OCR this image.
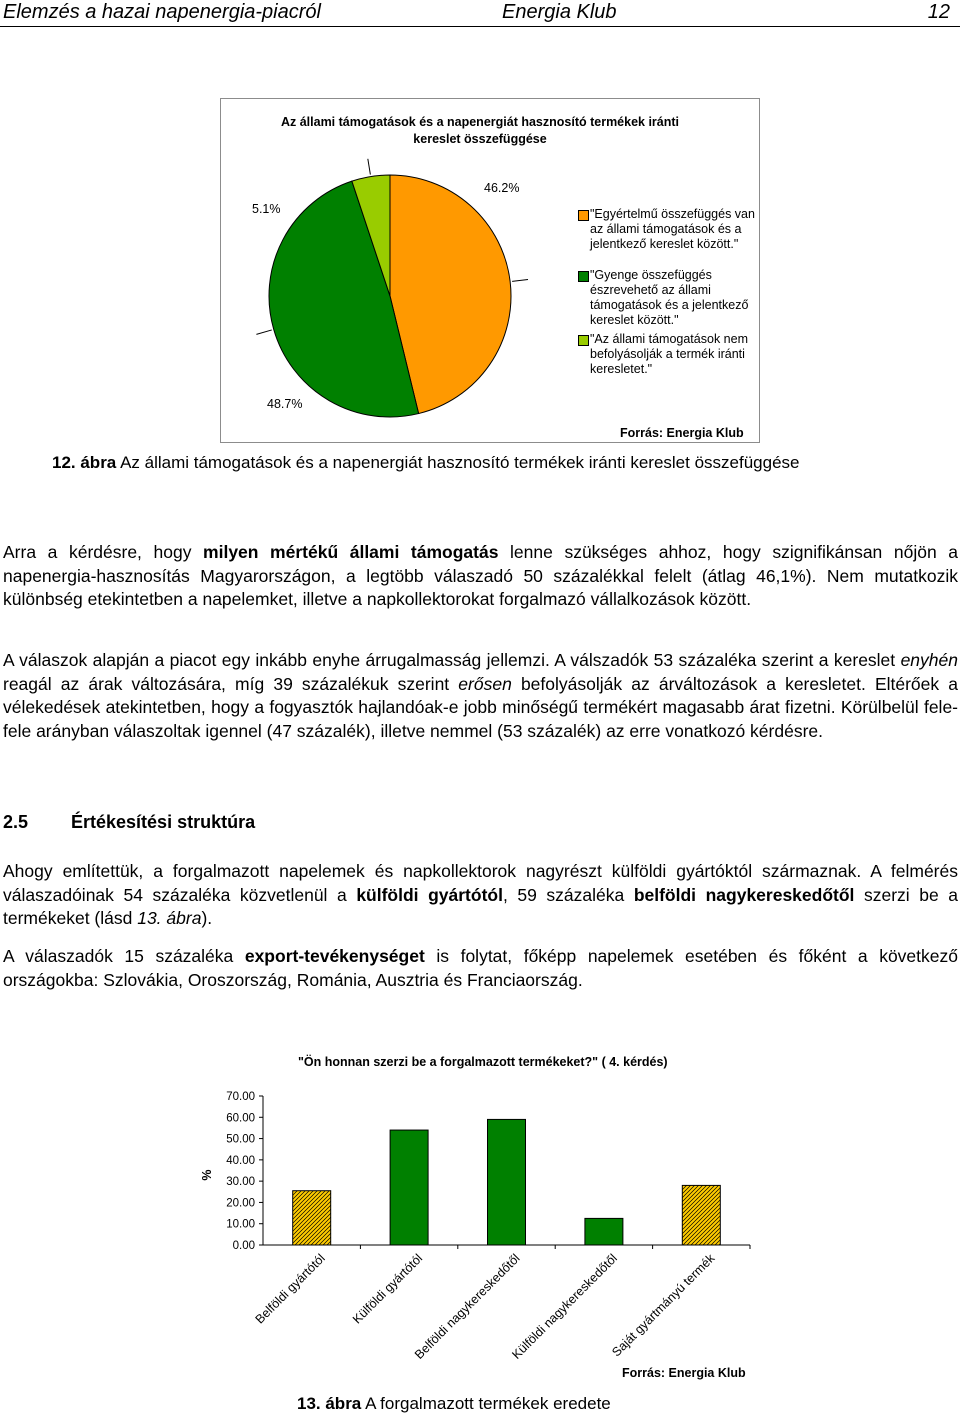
Elemzés a hazai napenergia-piacról	Energia Klub	12
Az állami támogatások és a napenergiát hasznosító termékek iránti kereslet összefüggése
5.1%
46.2%
48.7%
"Egyértelmű összefüggés van az állami támogatások és a jelentkező kereslet között."
"Gyenge összefüggés észrevehető az állami támogatások és a jelentkező kereslet között."
"Az állami támogatások nem befolyásolják a termék iránti keresletet."
Forrás: Energia Klub
12. ábra Az állami támogatások és a napenergiát hasznosító termékek iránti kereslet összefüggése
Arra a kérdésre, hogy milyen mértékű állami támogatás lenne szükséges ahhoz, hogy szignifikánsan nőjön a napenergia-hasznosítás Magyarországon, a legtöbb válaszadó 50 százalékkal felelt (átlag 46,1%). Nem mutatkozik különbség etekintetben a napelemket, illetve a napkollektorokat forgalmazó vállalkozások között.
A válaszok alapján a piacot egy inkább enyhe árrugalmasság jellemzi. A válszadók 53 százaléka szerint a kereslet enyhén reagál az árak változására, míg 39 százalékuk szerint erősen befolyásolják az árváltozások a keresletet. Eltérőek a vélekedések atekintetben, hogy a fogyasztók hajlandóak-e jobb minőségű termékért magasabb árat fizetni. Körülbelül fele-fele arányban válaszoltak igennel (47 százalék), illetve nemmel (53 százalék) az erre vonatkozó kérdésre.
2.5 Értékesítési struktúra
Ahogy említettük, a forgalmazott napelemek és napkollektorok nagyrészt külföldi gyártóktól származnak. A felmérés válaszadóinak 54 százaléka közvetlenül a külföldi gyártótól, 59 százaléka belföldi nagykereskedőtől szerzi be a termékeket (lásd 13. ábra).
A válaszadók 15 százaléka export-tevékenységet is folytat, főképp napelemek esetében és főként a következő országokba: Szlovákia, Oroszország, Románia, Ausztria és Franciaország.
"Ön honnan szerzi be a forgalmazott termékeket?" ( 4. kérdés)
0.00
10.00
20.00
30.00
40.00
50.00
60.00
70.00
%
Belföldi gyártótól Külföldi gyártótól
Belföldi nagykereskedőtől
Külföldi nagykereskedőtől
Saját gyártmányú termék
Forrás: Energia Klub
13. ábra A forgalmazott termékek eredete
